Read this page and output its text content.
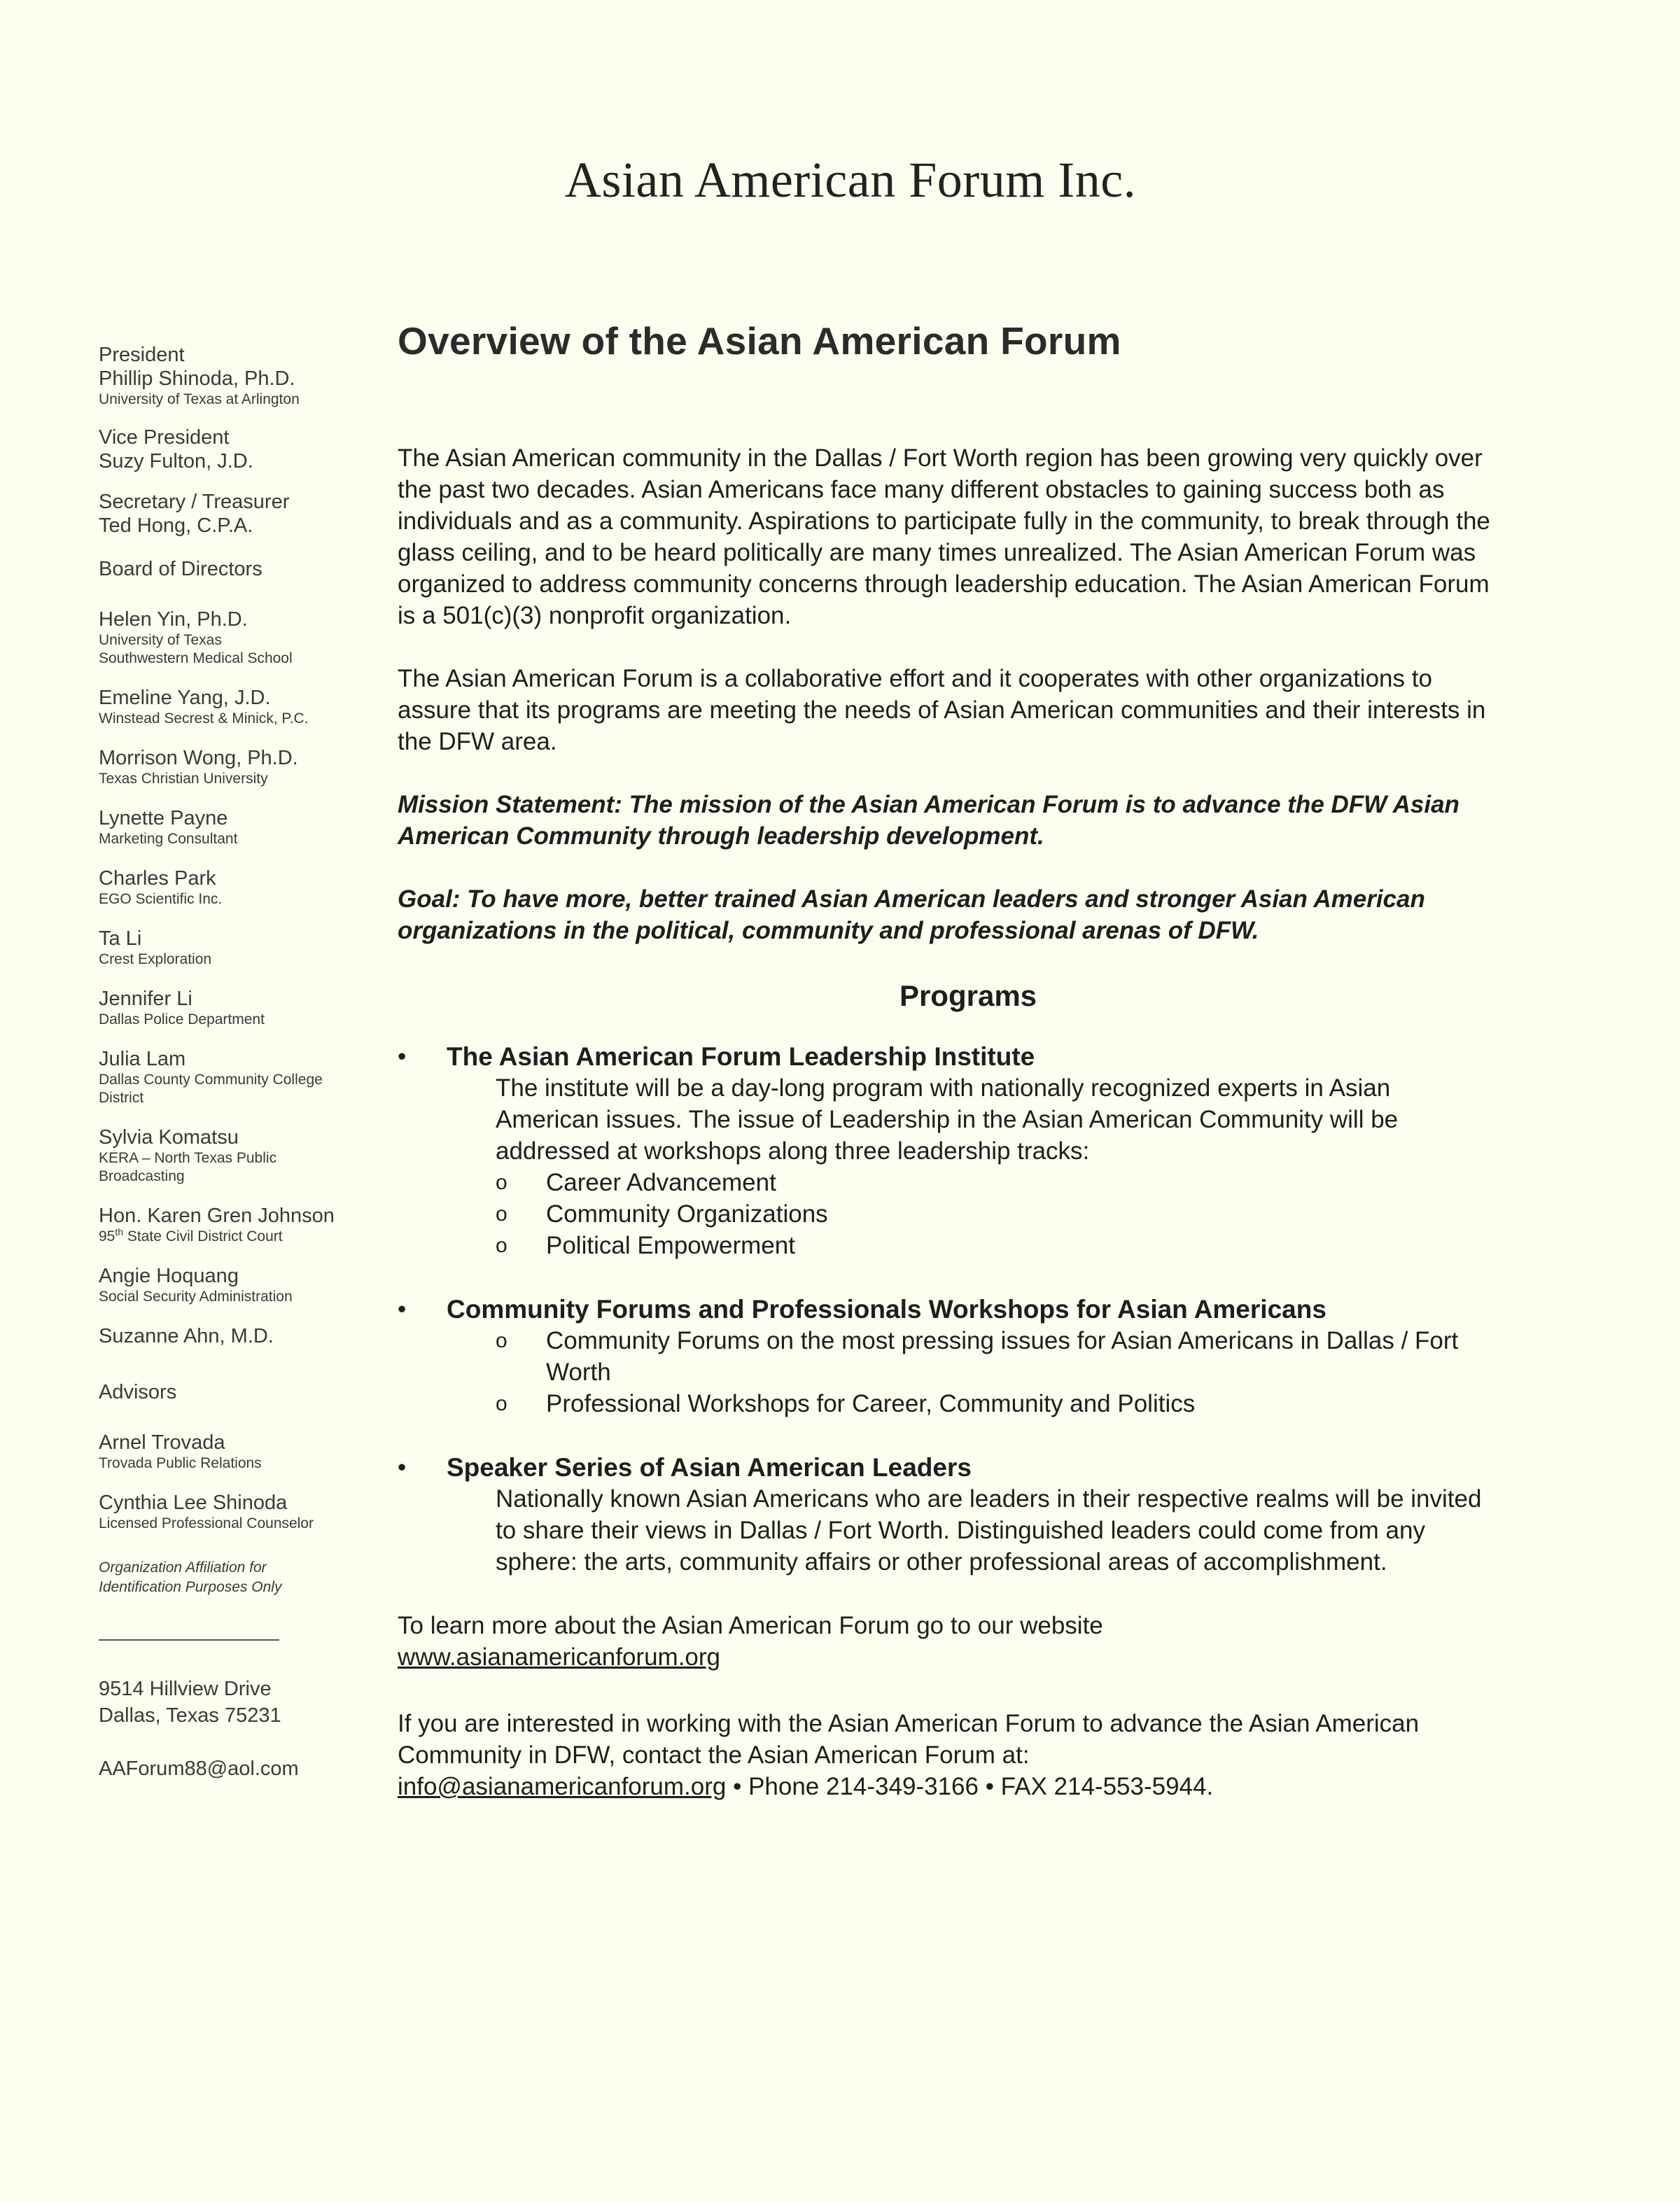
Asian American Forum Inc.
President
Phillip Shinoda, Ph.D.
University of Texas at Arlington
Vice President
Suzy Fulton, J.D.
Secretary / Treasurer
Ted Hong, C.P.A.
Board of Directors
Helen Yin, Ph.D.
University of Texas
Southwestern Medical School
Emeline Yang, J.D.
Winstead Secrest & Minick, P.C.
Morrison Wong, Ph.D.
Texas Christian University
Lynette Payne
Marketing Consultant
Charles Park
EGO Scientific Inc.
Ta Li
Crest Exploration
Jennifer Li
Dallas Police Department
Julia Lam
Dallas County Community College
District
Sylvia Komatsu
KERA – North Texas Public
Broadcasting
Hon. Karen Gren Johnson
95th State Civil District Court
Angie Hoquang
Social Security Administration
Suzanne Ahn, M.D.
Advisors
Arnel Trovada
Trovada Public Relations
Cynthia Lee Shinoda
Licensed Professional Counselor
Organization Affiliation for
Identification Purposes Only
9514 Hillview Drive
Dallas, Texas 75231
AAForum88@aol.com
Overview of the Asian American Forum

The Asian American community in the Dallas / Fort Worth region has been growing very quickly over the past two decades. Asian Americans face many different obstacles to gaining success both as individuals and as a community. Aspirations to participate fully in the community, to break through the glass ceiling, and to be heard politically are many times unrealized. The Asian American Forum was organized to address community concerns through leadership education. The Asian American Forum is a 501(c)(3) nonprofit organization.

The Asian American Forum is a collaborative effort and it cooperates with other organizations to assure that its programs are meeting the needs of Asian American communities and their interests in the DFW area.

Mission Statement: The mission of the Asian American Forum is to advance the DFW Asian American Community through leadership development.

Goal: To have more, better trained Asian American leaders and stronger Asian American organizations in the political, community and professional arenas of DFW.

Programs
• The Asian American Forum Leadership Institute
The institute will be a day-long program with nationally recognized experts in Asian American issues. The issue of Leadership in the Asian American Community will be addressed at workshops along three leadership tracks:
o Career Advancement
o Community Organizations
o Political Empowerment
• Community Forums and Professionals Workshops for Asian Americans
o Community Forums on the most pressing issues for Asian Americans in Dallas / Fort Worth
o Professional Workshops for Career, Community and Politics
• Speaker Series of Asian American Leaders
Nationally known Asian Americans who are leaders in their respective realms will be invited to share their views in Dallas / Fort Worth. Distinguished leaders could come from any sphere: the arts, community affairs or other professional areas of accomplishment.
To learn more about the Asian American Forum go to our website
www.asianamericanforum.org
If you are interested in working with the Asian American Forum to advance the Asian American Community in DFW, contact the Asian American Forum at:
info@asianamericanforum.org • Phone 214-349-3166 • FAX 214-553-5944.
